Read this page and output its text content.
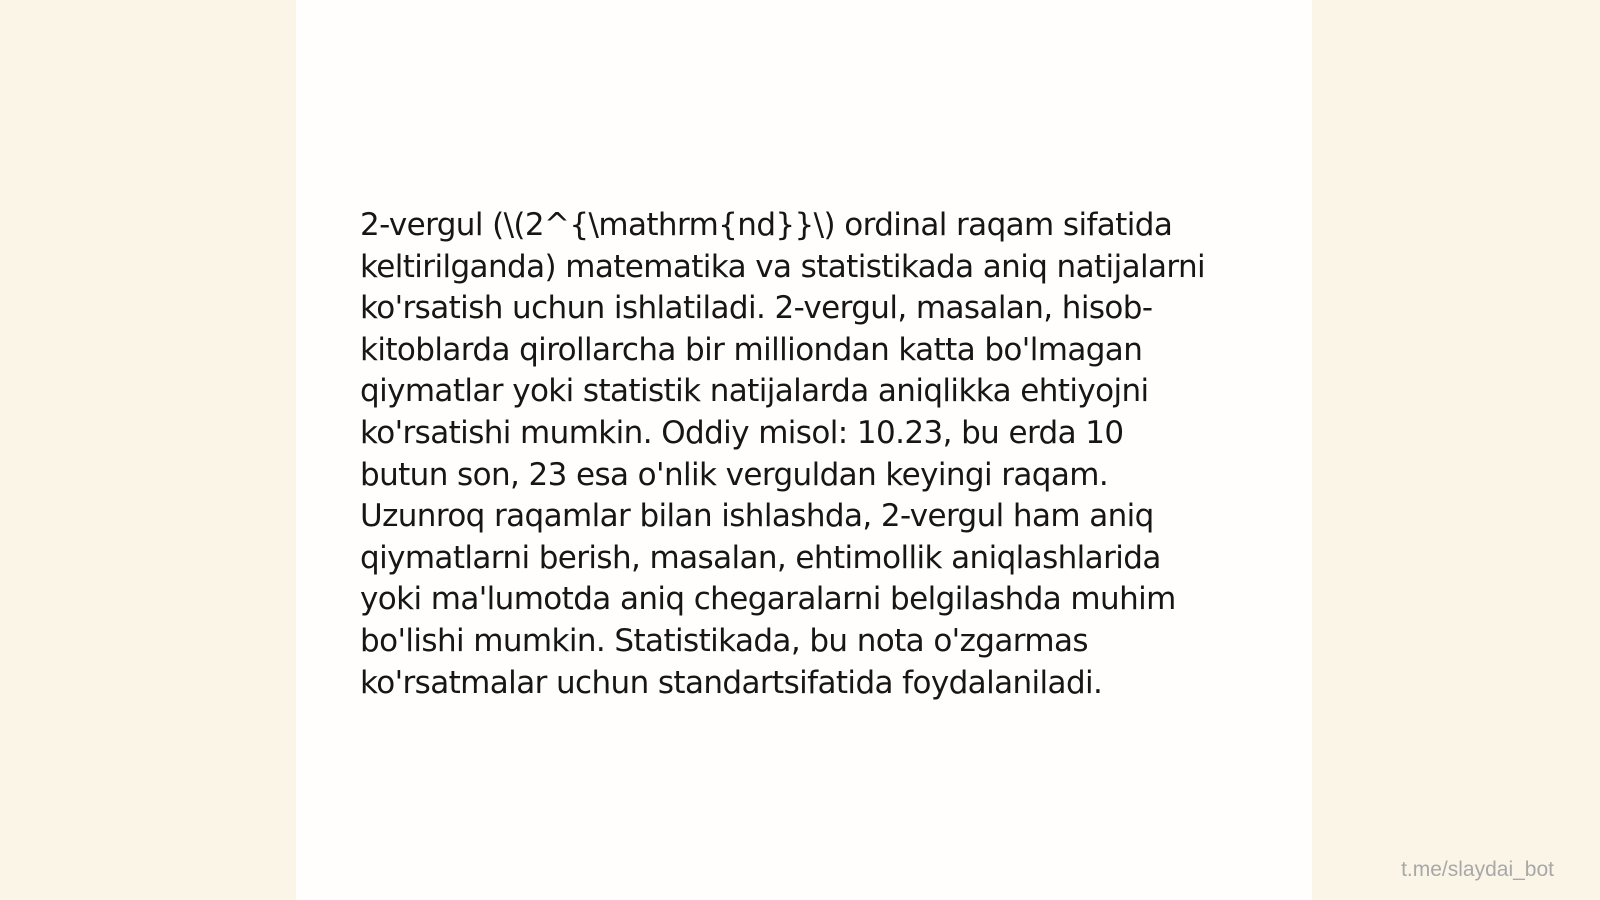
2-vergul (\(2^{\mathrm{nd}}\) ordinal raqam sifatida keltirilganda) matematika va statistikada aniq natijalarni ko'rsatish uchun ishlatiladi. 2-vergul, masalan, hisob-kitoblarda qirollarcha bir milliondan katta bo'lmagan qiymatlar yoki statistik natijalarda aniqlikka ehtiyojni ko'rsatishi mumkin. Oddiy misol: 10.23, bu erda 10 butun son, 23 esa o'nlik verguldan keyingi raqam. Uzunroq raqamlar bilan ishlashda, 2-vergul ham aniq qiymatlarni berish, masalan, ehtimollik aniqlashlarida yoki ma'lumotda aniq chegaralarni belgilashda muhim bo'lishi mumkin. Statistikada, bu nota o'zgarmas ko'rsatmalar uchun standartsifatida foydalaniladi.

t.me/slaydai_bot
